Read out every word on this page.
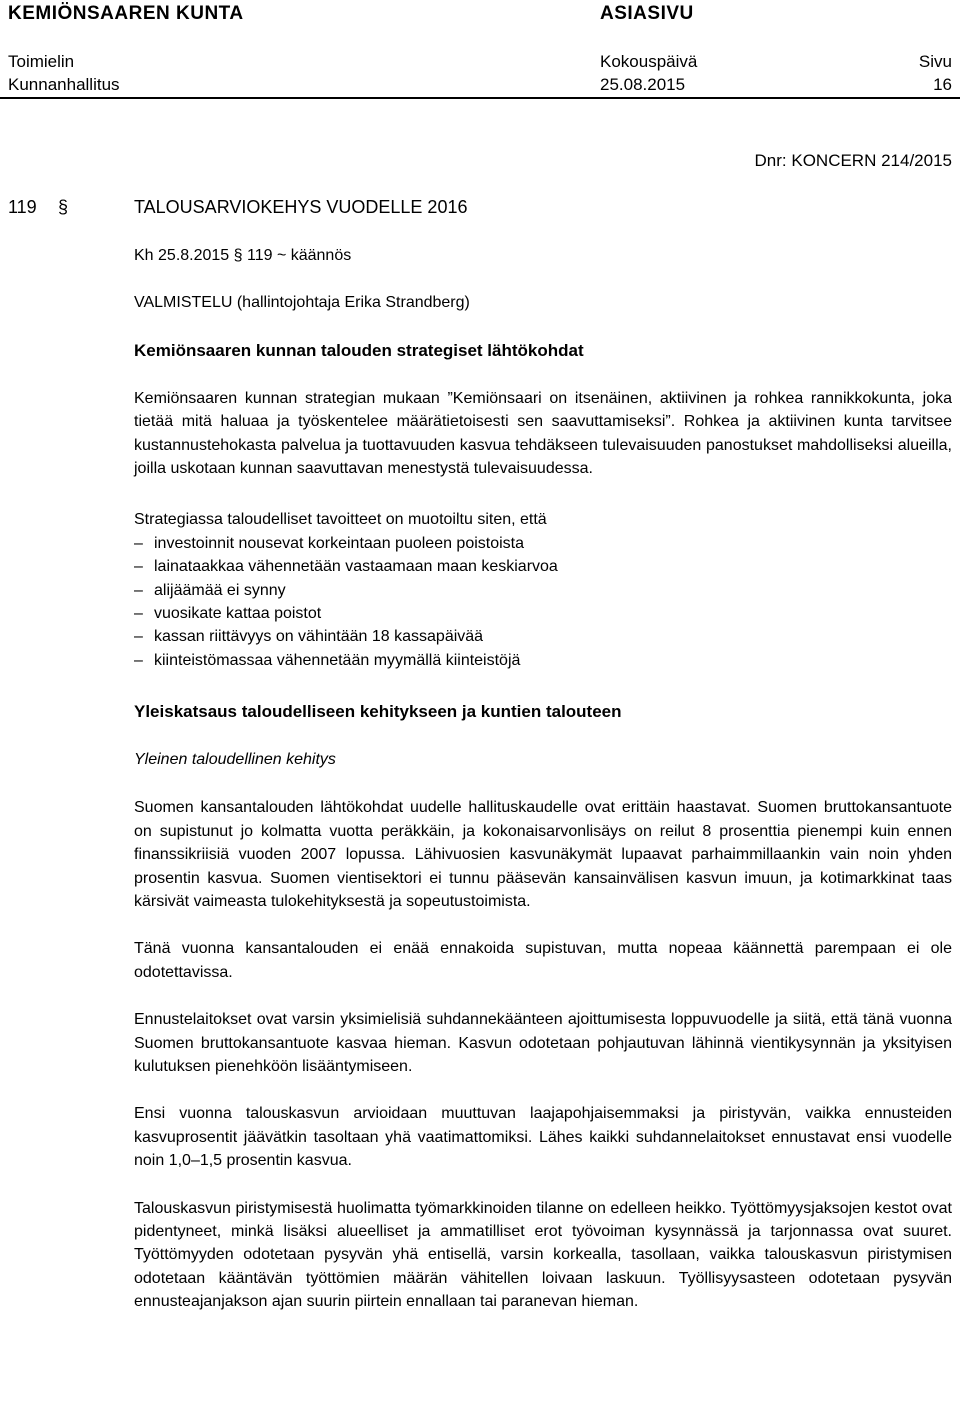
KEMIÖNSAAREN KUNTA	ASIASIVU
Toimielin
Kunnanhallitus
Kokouspäivä
25.08.2015
Sivu
16
Dnr: KONCERN 214/2015
119 §	TALOUSARVIOKEHYS VUODELLE 2016

Kh 25.8.2015 § 119 ~ käännös

VALMISTELU (hallintojohtaja Erika Strandberg)

Kemiönsaaren kunnan talouden strategiset lähtökohdat

Kemiönsaaren kunnan strategian mukaan ”Kemiönsaari on itsenäinen, aktiivinen ja rohkea rannikkokunta, joka tietää mitä haluaa ja työskentelee määrätietoisesti sen saavuttamiseksi”. Rohkea ja aktiivinen kunta tarvitsee kustannustehokasta palvelua ja tuottavuuden kasvua tehdäkseen tulevaisuuden panostukset mahdolliseksi alueilla, joilla uskotaan kunnan saavuttavan menestystä tulevaisuudessa.

Strategiassa taloudelliset tavoitteet on muotoiltu siten, että

– investoinnit nousevat korkeintaan puoleen poistoista
– lainataakkaa vähennetään vastaamaan maan keskiarvoa
– alijäämää ei synny
– vuosikate kattaa poistot
– kassan riittävyys on vähintään 18 kassapäivää
– kiinteistömassaa vähennetään myymällä kiinteistöjä

Yleiskatsaus taloudelliseen kehitykseen ja kuntien talouteen

Yleinen taloudellinen kehitys

Suomen kansantalouden lähtökohdat uudelle hallituskaudelle ovat erittäin haastavat. Suomen bruttokansantuote on supistunut jo kolmatta vuotta peräkkäin, ja kokonaisarvonlisäys on reilut 8 prosenttia pienempi kuin ennen finanssikriisiä vuoden 2007 lopussa. Lähivuosien kasvunäkymät lupaavat parhaimmillaankin vain noin yhden prosentin kasvua. Suomen vientisektori ei tunnu pääsevän kansainvälisen kasvun imuun, ja kotimarkkinat taas kärsivät vaimeasta tulokehityksestä ja sopeutustoimista.

Tänä vuonna kansantalouden ei enää ennakoida supistuvan, mutta nopeaa käännettä parempaan ei ole odotettavissa.

Ennustelaitokset ovat varsin yksimielisiä suhdannekäänteen ajoittumisesta loppuvuodelle ja siitä, että tänä vuonna Suomen bruttokansantuote kasvaa hieman. Kasvun odotetaan pohjautuvan lähinnä vientikysynnän ja yksityisen kulutuksen pienehköön lisääntymiseen.

Ensi vuonna talouskasvun arvioidaan muuttuvan laajapohjaisemmaksi ja piristyvän, vaikka ennusteiden kasvuprosentit jäävätkin tasoltaan yhä vaatimattomiksi. Lähes kaikki suhdannelaitokset ennustavat ensi vuodelle noin 1,0–1,5 prosentin kasvua.

Talouskasvun piristymisestä huolimatta työmarkkinoiden tilanne on edelleen heikko. Työttömyysjaksojen kestot ovat pidentyneet, minkä lisäksi alueelliset ja ammatilliset erot työvoiman kysynnässä ja tarjonnassa ovat suuret. Työttömyyden odotetaan pysyvän yhä entisellä, varsin korkealla, tasollaan, vaikka talouskasvun piristymisen odotetaan kääntävän työttömien määrän vähitellen loivaan laskuun. Työllisyysasteen odotetaan pysyvän ennusteajanjakson ajan suurin piirtein ennallaan tai paranevan hieman.
